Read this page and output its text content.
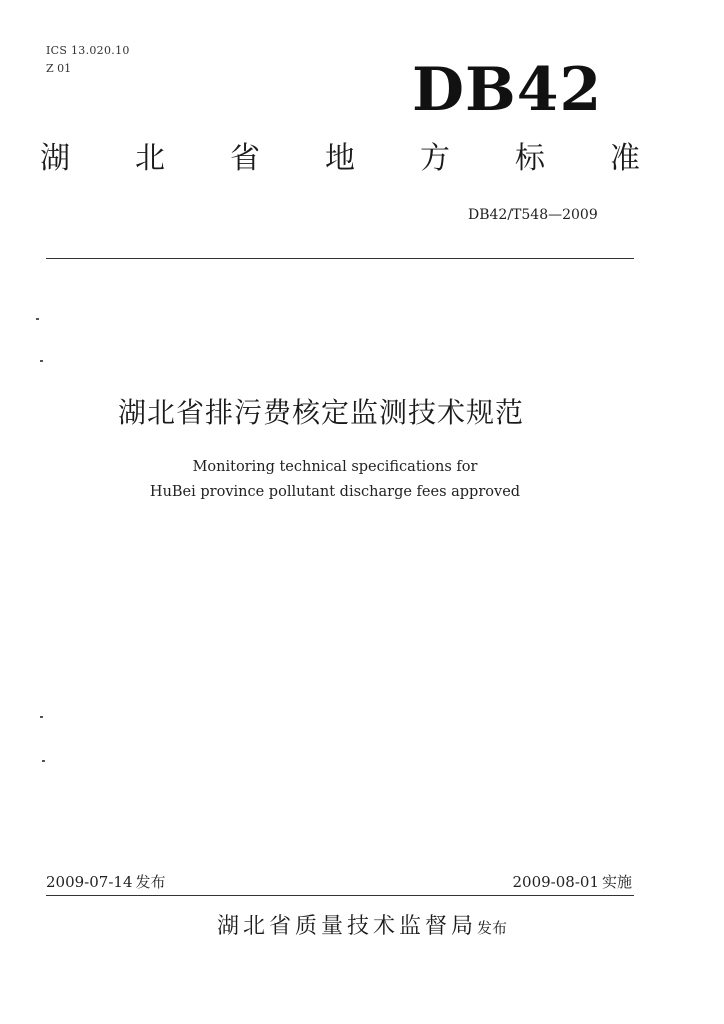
ICS 13.020.10
Z 01	DB42
湖 北 省 地 方 标 准
DB42/T548—2009
湖北省排污费核定监测技术规范
Monitoring technical specifications for
HuBei province pollutant discharge fees approved
2009-07-14 发布	2009-08-01 实施
湖北省质量技术监督局发布
